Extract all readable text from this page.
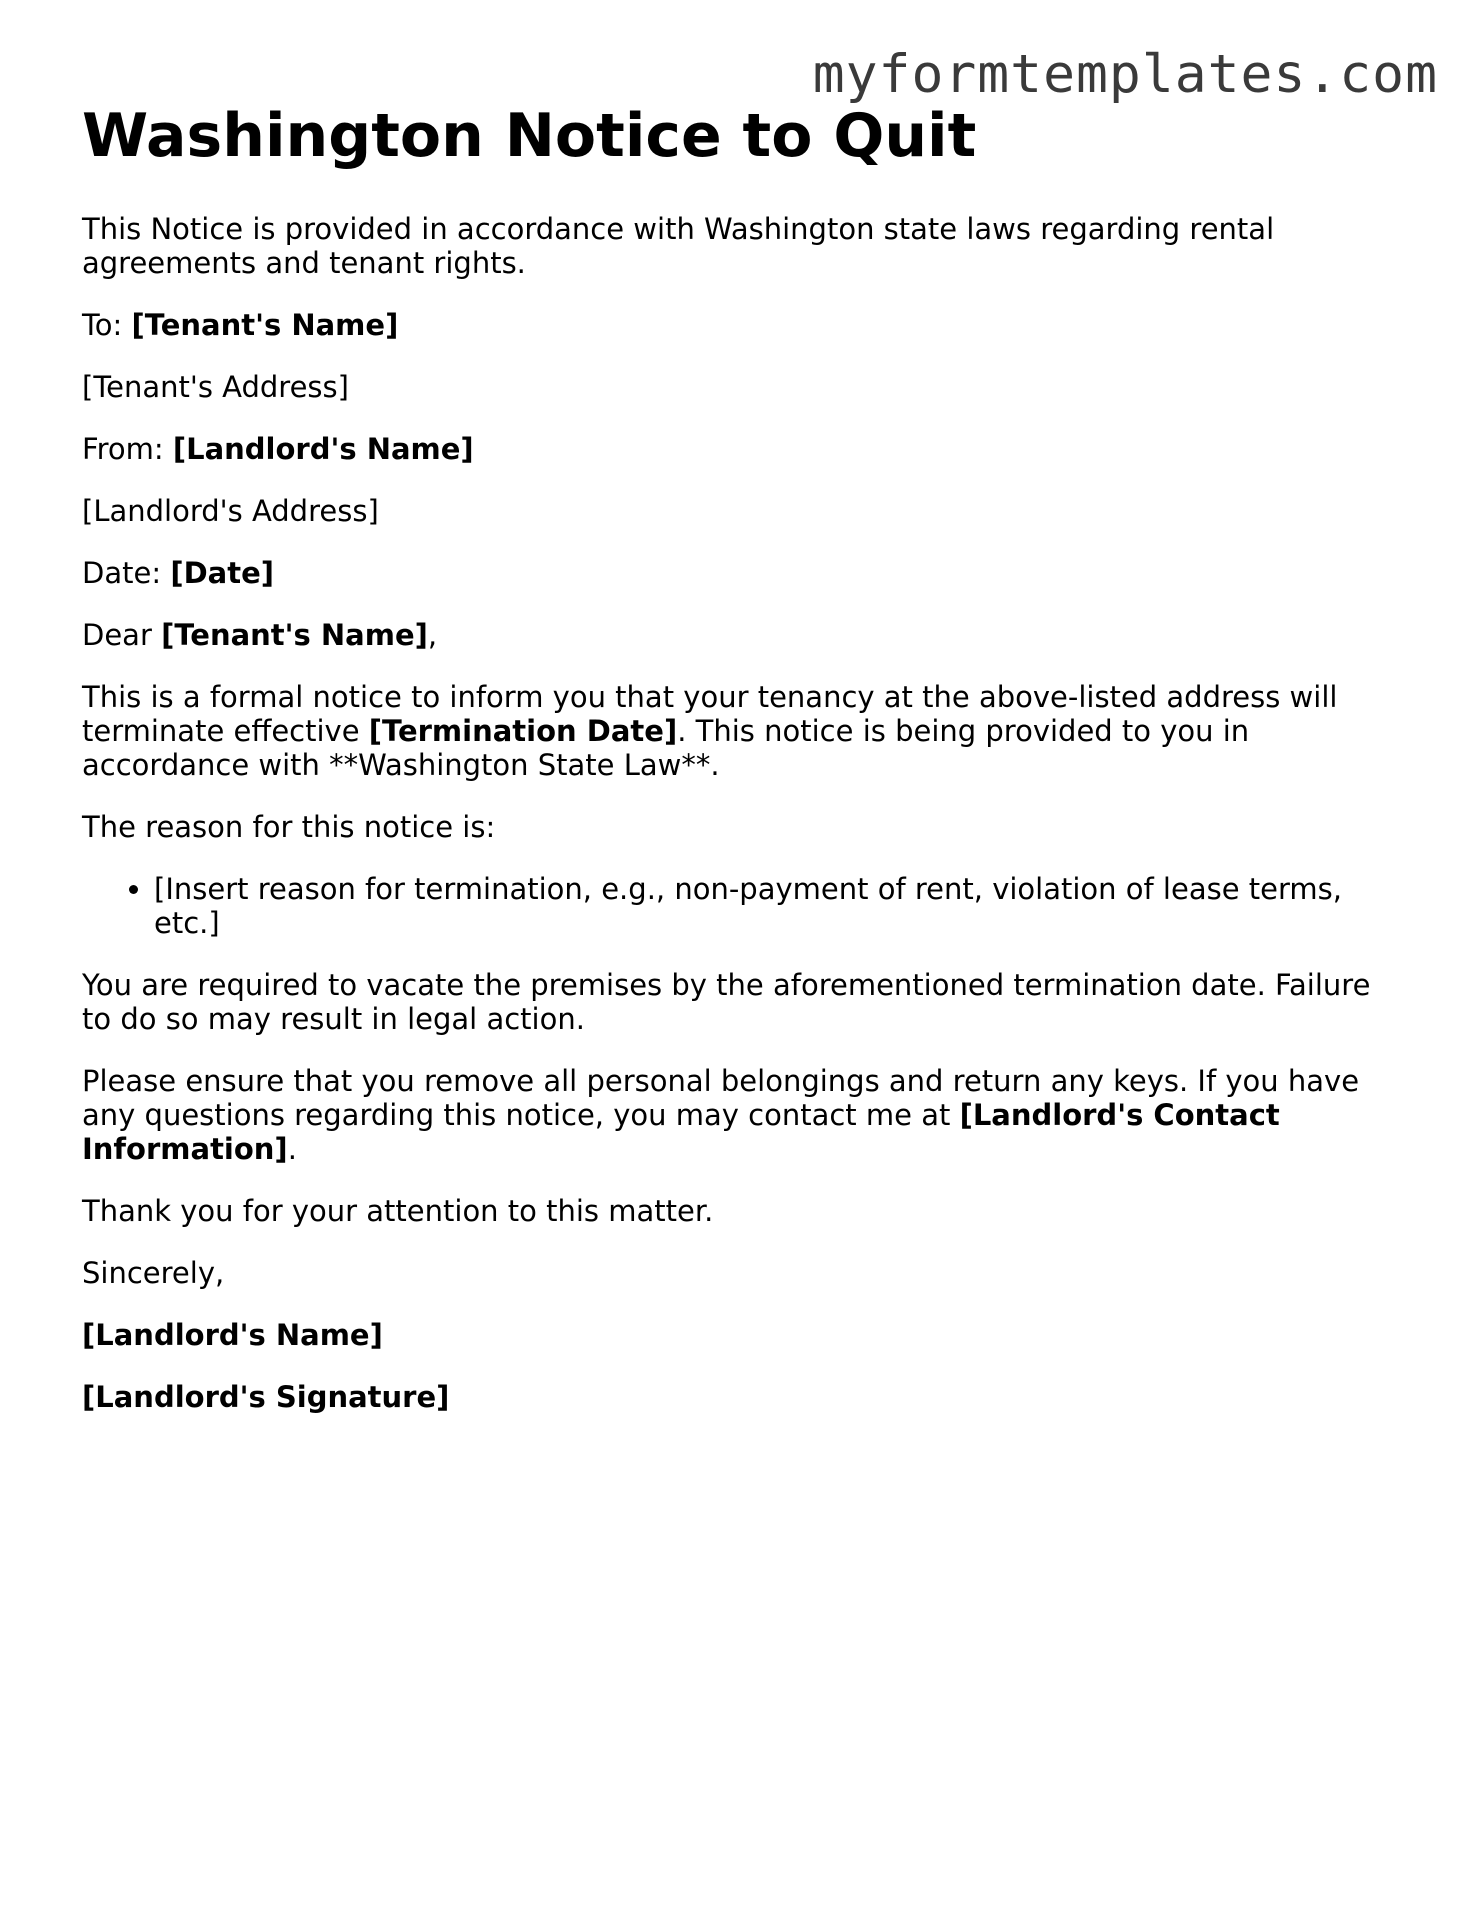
myformtemplates.com
Washington Notice to Quit

This Notice is provided in accordance with Washington state laws regarding rental agreements and tenant rights.

To: [Tenant's Name]

[Tenant's Address]

From: [Landlord's Name]

[Landlord's Address]

Date: [Date]

Dear [Tenant's Name],

This is a formal notice to inform you that your tenancy at the above-listed address will terminate effective [Termination Date]. This notice is being provided to you in accordance with **Washington State Law**.

The reason for this notice is:

• [Insert reason for termination, e.g., non-payment of rent, violation of lease terms, etc.]

You are required to vacate the premises by the aforementioned termination date. Failure to do so may result in legal action.

Please ensure that you remove all personal belongings and return any keys. If you have any questions regarding this notice, you may contact me at [Landlord's Contact Information].

Thank you for your attention to this matter.

Sincerely,

[Landlord's Name]

[Landlord's Signature]
